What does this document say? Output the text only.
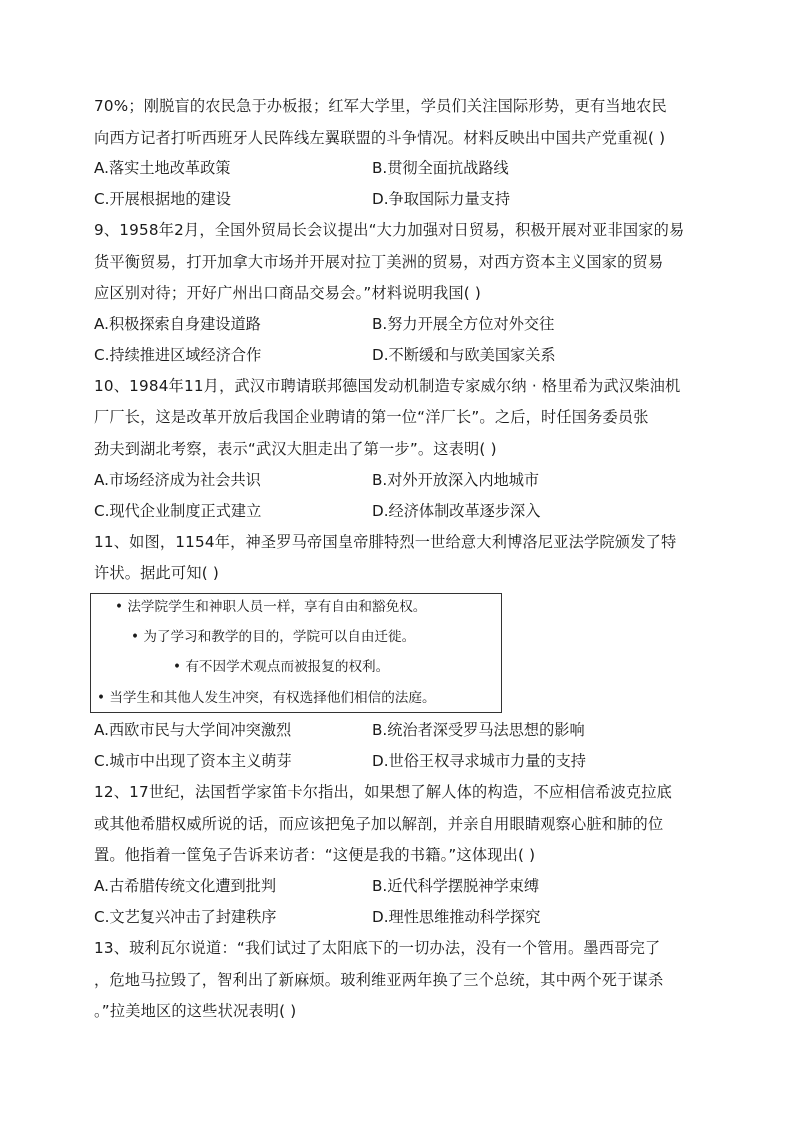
70%；刚脱盲的农民急于办板报；红军大学里，学员们关注国际形势，更有当地农民
向西方记者打听西班牙人民阵线左翼联盟的斗争情况。材料反映出中国共产党重视( )
A.落实土地改革政策	B.贯彻全面抗战路线
C.开展根据地的建设	D.争取国际力量支持
9、1958年2月，全国外贸局长会议提出“大力加强对日贸易，积极开展对亚非国家的易
货平衡贸易，打开加拿大市场并开展对拉丁美洲的贸易，对西方资本主义国家的贸易
应区别对待；开好广州出口商品交易会。”材料说明我国( )
A.积极探索自身建设道路	B.努力开展全方位对外交往
C.持续推进区域经济合作	D.不断缓和与欧美国家关系
10、1984年11月，武汉市聘请联邦德国发动机制造专家威尔纳 · 格里希为武汉柴油机
厂厂长，这是改革开放后我国企业聘请的第一位“洋厂长”。之后，时任国务委员张
劲夫到湖北考察，表示“武汉大胆走出了第一步”。这表明( )
A.市场经济成为社会共识	B.对外开放深入内地城市
C.现代企业制度正式建立	D.经济体制改革逐步深入
11、如图，1154年，神圣罗马帝国皇帝腓特烈一世给意大利博洛尼亚法学院颁发了特
许状。据此可知( )
• 法学院学生和神职人员一样，享有自由和豁免权。
• 为了学习和教学的目的，学院可以自由迁徙。
• 有不因学术观点而被报复的权利。
• 当学生和其他人发生冲突，有权选择他们相信的法庭。
A.西欧市民与大学间冲突激烈	B.统治者深受罗马法思想的影响
C.城市中出现了资本主义萌芽	D.世俗王权寻求城市力量的支持
12、17世纪，法国哲学家笛卡尔指出，如果想了解人体的构造，不应相信希波克拉底
或其他希腊权威所说的话，而应该把兔子加以解剖，并亲自用眼睛观察心脏和肺的位
置。他指着一筐兔子告诉来访者：“这便是我的书籍。”这体现出( )
A.古希腊传统文化遭到批判	B.近代科学摆脱神学束缚
C.文艺复兴冲击了封建秩序	D.理性思维推动科学探究
13、玻利瓦尔说道：“我们试过了太阳底下的一切办法，没有一个管用。墨西哥完了
，危地马拉毁了，智利出了新麻烦。玻利维亚两年换了三个总统，其中两个死于谋杀
。”拉美地区的这些状况表明( )
